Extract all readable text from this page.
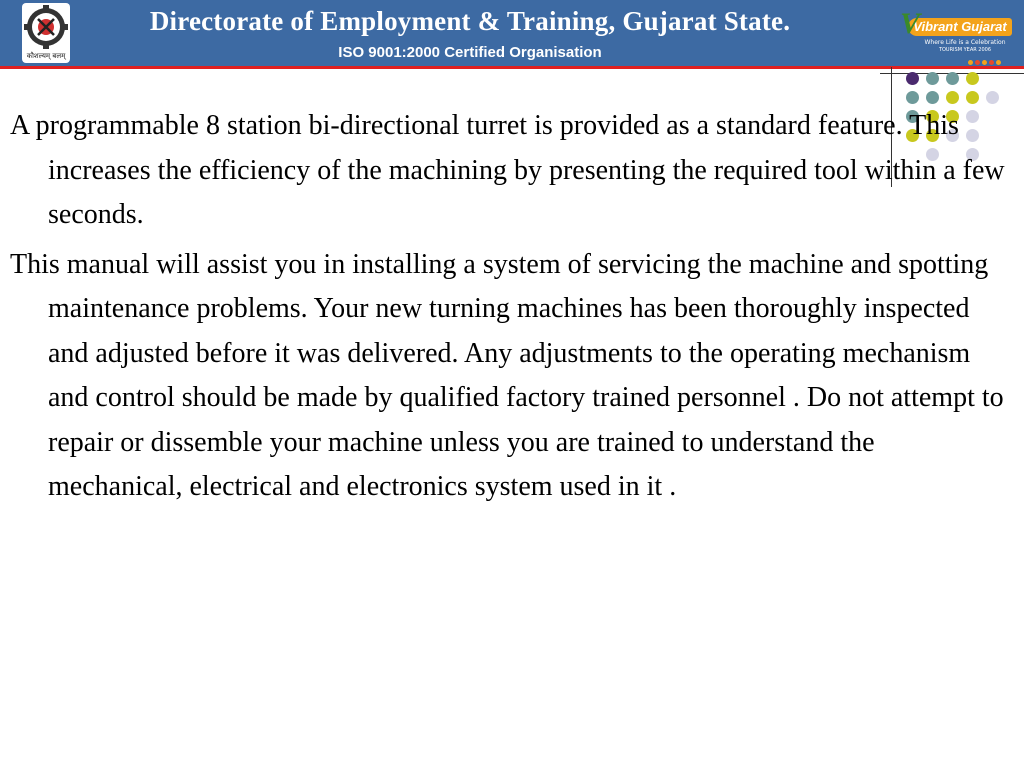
कौशल्यम् बलम्
Directorate of Employment & Training, Gujarat State.
ISO 9001:2000 Certified Organisation
Vibrant Gujarat
V
Where Life is a Celebration
TOURISM YEAR 2006

A programmable 8 station bi-directional turret is provided as a standard feature. This increases the efficiency of the machining by presenting the required tool within a few seconds.

This manual will assist you in installing a system of servicing the machine and spotting maintenance problems. Your new turning machines has been thoroughly inspected and adjusted before it was delivered. Any adjustments to the operating mechanism and control should be made by qualified factory trained personnel . Do not attempt to repair or dissemble your machine unless you are trained to understand the mechanical, electrical and electronics system used in it .
